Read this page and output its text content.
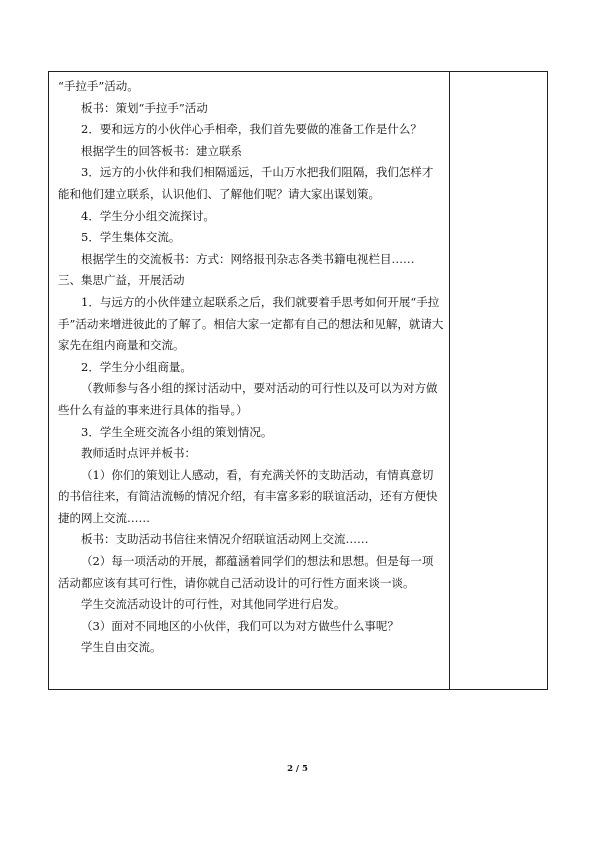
“手拉手”活动。

板书：策划“手拉手”活动

2．要和远方的小伙伴心手相牵，我们首先要做的准备工作是什么？

根据学生的回答板书：建立联系

3．远方的小伙伴和我们相隔遥远，千山万水把我们阻隔，我们怎样才能和他们建立联系，认识他们、了解他们呢？请大家出谋划策。

4．学生分小组交流探讨。

5．学生集体交流。

根据学生的交流板书：方式：网络报刊杂志各类书籍电视栏目……

三、集思广益，开展活动

1．与远方的小伙伴建立起联系之后，我们就要着手思考如何开展“手拉手”活动来增进彼此的了解了。相信大家一定都有自己的想法和见解，就请大家先在组内商量和交流。

2．学生分小组商量。

（教师参与各小组的探讨活动中，要对活动的可行性以及可以为对方做些什么有益的事来进行具体的指导。）

3．学生全班交流各小组的策划情况。

教师适时点评并板书：

（1）你们的策划让人感动，看，有充满关怀的支助活动，有情真意切的书信往来，有简洁流畅的情况介绍，有丰富多彩的联谊活动，还有方便快捷的网上交流……

板书：支助活动书信往来情况介绍联谊活动网上交流……

（2）每一项活动的开展，都蕴涵着同学们的想法和思想。但是每一项活动都应该有其可行性，请你就自己活动设计的可行性方面来谈一谈。

学生交流活动设计的可行性，对其他同学进行启发。

（3）面对不同地区的小伙伴，我们可以为对方做些什么事呢？

学生自由交流。

2 / 5
